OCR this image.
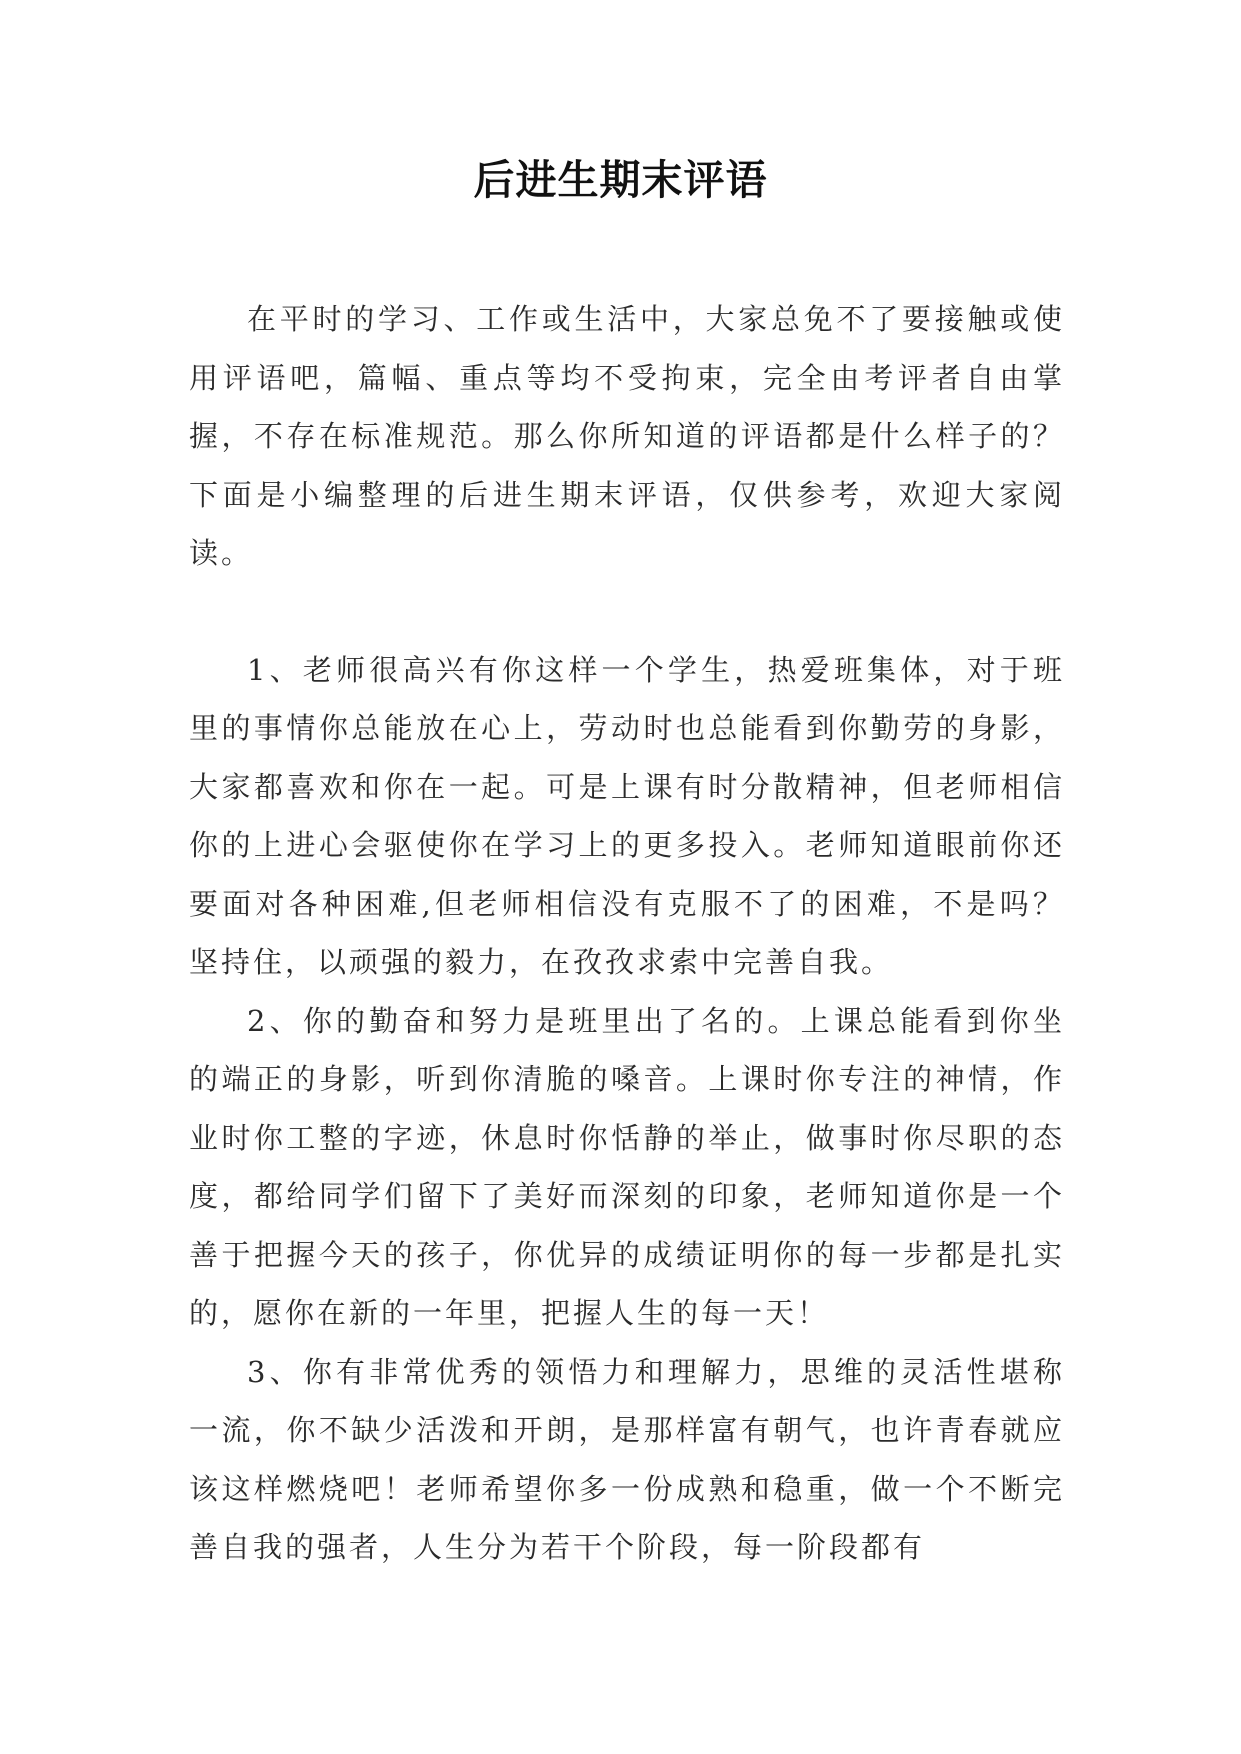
后进生期末评语

在平时的学习、工作或生活中，大家总免不了要接触或使用评语吧，篇幅、重点等均不受拘束，完全由考评者自由掌握，不存在标准规范。那么你所知道的评语都是什么样子的？下面是小编整理的后进生期末评语，仅供参考，欢迎大家阅读。

1、老师很高兴有你这样一个学生，热爱班集体，对于班里的事情你总能放在心上，劳动时也总能看到你勤劳的身影，大家都喜欢和你在一起。可是上课有时分散精神，但老师相信你的上进心会驱使你在学习上的更多投入。老师知道眼前你还要面对各种困难,但老师相信没有克服不了的困难，不是吗？坚持住，以顽强的毅力，在孜孜求索中完善自我。

2、你的勤奋和努力是班里出了名的。上课总能看到你坐的端正的身影，听到你清脆的嗓音。上课时你专注的神情，作业时你工整的字迹，休息时你恬静的举止，做事时你尽职的态度，都给同学们留下了美好而深刻的印象，老师知道你是一个善于把握今天的孩子，你优异的成绩证明你的每一步都是扎实的，愿你在新的一年里，把握人生的每一天！

3、你有非常优秀的领悟力和理解力，思维的灵活性堪称一流，你不缺少活泼和开朗，是那样富有朝气，也许青春就应该这样燃烧吧！老师希望你多一份成熟和稳重，做一个不断完善自我的强者，人生分为若干个阶段，每一阶段都有
